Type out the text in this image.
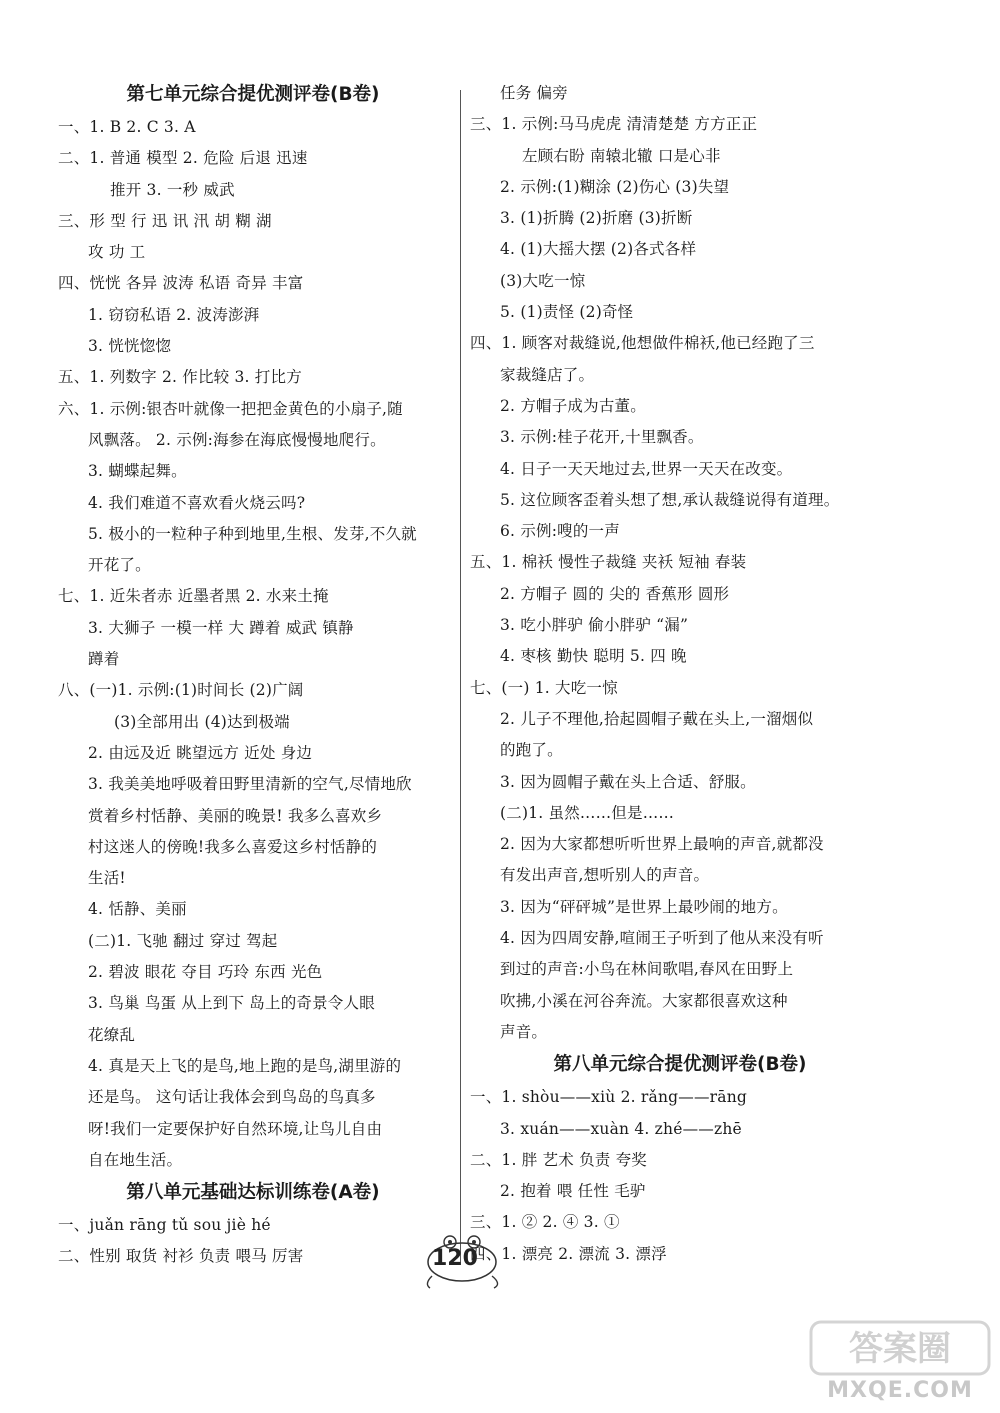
第七单元综合提优测评卷(B卷)
一、1. B 2. C 3. A
二、1. 普通 模型 2. 危险 后退 迅速
推开 3. 一秒 威武
三、形 型 行 迅 讯 汛 胡 糊 湖
攻 功 工
四、恍恍 各异 波涛 私语 奇异 丰富
1. 窃窃私语 2. 波涛澎湃
3. 恍恍惚惚
五、1. 列数字 2. 作比较 3. 打比方
六、1. 示例:银杏叶就像一把把金黄色的小扇子,随
风飘落。 2. 示例:海参在海底慢慢地爬行。
3. 蝴蝶起舞。
4. 我们难道不喜欢看火烧云吗?
5. 极小的一粒种子种到地里,生根、发芽,不久就
开花了。
七、1. 近朱者赤 近墨者黑 2. 水来土掩
3. 大狮子 一模一样 大 蹲着 威武 镇静
蹲着
八、(一)1. 示例:(1)时间长 (2)广阔
(3)全部用出 (4)达到极端
2. 由远及近 眺望远方 近处 身边
3. 我美美地呼吸着田野里清新的空气,尽情地欣
赏着乡村恬静、美丽的晚景! 我多么喜欢乡
村这迷人的傍晚!我多么喜爱这乡村恬静的
生活!
4. 恬静、美丽
(二)1. 飞驰 翻过 穿过 驾起
2. 碧波 眼花 夺目 巧玲 东西 光色
3. 鸟巢 鸟蛋 从上到下 岛上的奇景令人眼
花缭乱
4. 真是天上飞的是鸟,地上跑的是鸟,湖里游的
还是鸟。 这句话让我体会到鸟岛的鸟真多
呀!我们一定要保护好自然环境,让鸟儿自由
自在地生活。
第八单元基础达标训练卷(A卷)
一、juǎn rāng tǔ sou jiè hé
二、性别 取货 衬衫 负责 喂马 厉害
任务 偏旁
三、1. 示例:马马虎虎 清清楚楚 方方正正
左顾右盼 南辕北辙 口是心非
2. 示例:(1)糊涂 (2)伤心 (3)失望
3. (1)折腾 (2)折磨 (3)折断
4. (1)大摇大摆 (2)各式各样
(3)大吃一惊
5. (1)责怪 (2)奇怪
四、1. 顾客对裁缝说,他想做件棉袄,他已经跑了三
家裁缝店了。
2. 方帽子成为古董。
3. 示例:桂子花开,十里飘香。
4. 日子一天天地过去,世界一天天在改变。
5. 这位顾客歪着头想了想,承认裁缝说得有道理。
6. 示例:嗖的一声
五、1. 棉袄 慢性子裁缝 夹袄 短袖 春装
2. 方帽子 圆的 尖的 香蕉形 圆形
3. 吃小胖驴 偷小胖驴 “漏”
4. 枣核 勤快 聪明 5. 四 晚
七、(一) 1. 大吃一惊
2. 儿子不理他,拾起圆帽子戴在头上,一溜烟似
的跑了。
3. 因为圆帽子戴在头上合适、舒服。
(二)1. 虽然……但是……
2. 因为大家都想听听世界上最响的声音,就都没
有发出声音,想听别人的声音。
3. 因为“砰砰城”是世界上最吵闹的地方。
4. 因为四周安静,喧闹王子听到了他从来没有听
到过的声音:小鸟在林间歌唱,春风在田野上
吹拂,小溪在河谷奔流。大家都很喜欢这种
声音。
第八单元综合提优测评卷(B卷)
一、1. shòu——xiù 2. rǎng——rāng
3. xuán——xuàn 4. zhé——zhē
二、1. 胖 艺术 负责 夸奖
2. 抱着 喂 任性 毛驴
三、1. ② 2. ④ 3. ①
四、1. 漂亮 2. 漂流 3. 漂浮
120
答案圈
MXQE.COM
